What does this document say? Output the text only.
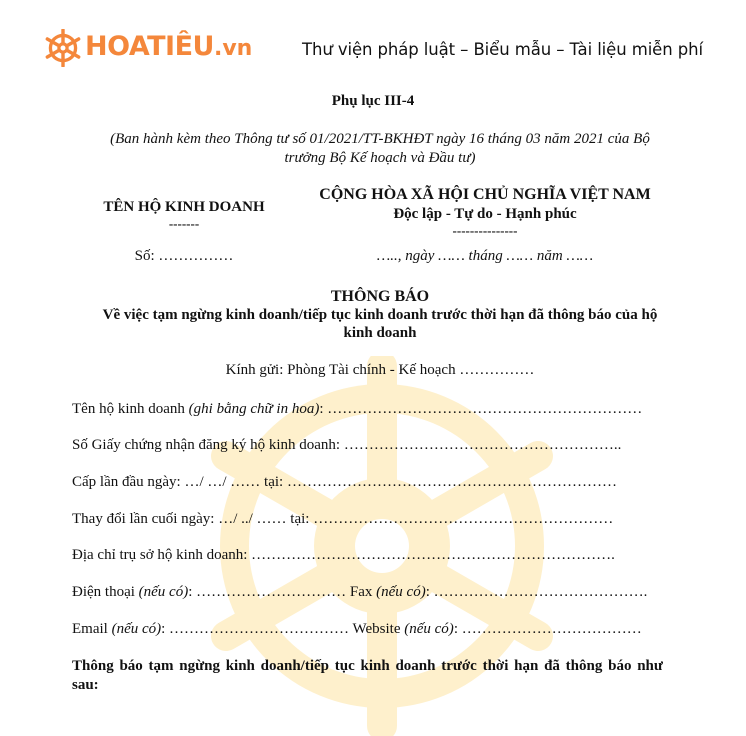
HOATIÊU.vn	Thư viện pháp luật – Biểu mẫu – Tài liệu miễn phí
Phụ lục III-4
(Ban hành kèm theo Thông tư số 01/2021/TT-BKHĐT ngày 16 tháng 03 năm 2021 của Bộ
trưởng Bộ Kế hoạch và Đầu tư)
TÊN HỘ KINH DOANH
-------
Số: ……………
CỘNG HÒA XÃ HỘI CHỦ NGHĨA VIỆT NAM
Độc lập - Tự do - Hạnh phúc
---------------
….., ngày …… tháng …… năm ……
THÔNG BÁO
Về việc tạm ngừng kinh doanh/tiếp tục kinh doanh trước thời hạn đã thông báo của hộ
kinh doanh
Kính gửi: Phòng Tài chính - Kế hoạch ……………
Tên hộ kinh doanh (ghi bằng chữ in hoa): ………………………………………………………
Số Giấy chứng nhận đăng ký hộ kinh doanh: ………………………………………………..
Cấp lần đầu ngày: …/ …/ …… tại: …………………………………………………………
Thay đổi lần cuối ngày: …/ ../ …… tại: ……………………………………………………
Địa chỉ trụ sở hộ kinh doanh: ……………………………………………………………….
Điện thoại (nếu có): ………………………… Fax (nếu có): …………………………………….
Email (nếu có): ……………………………… Website (nếu có): ………………………………
Thông báo tạm ngừng kinh doanh/tiếp tục kinh doanh trước thời hạn đã thông báo như
sau:
